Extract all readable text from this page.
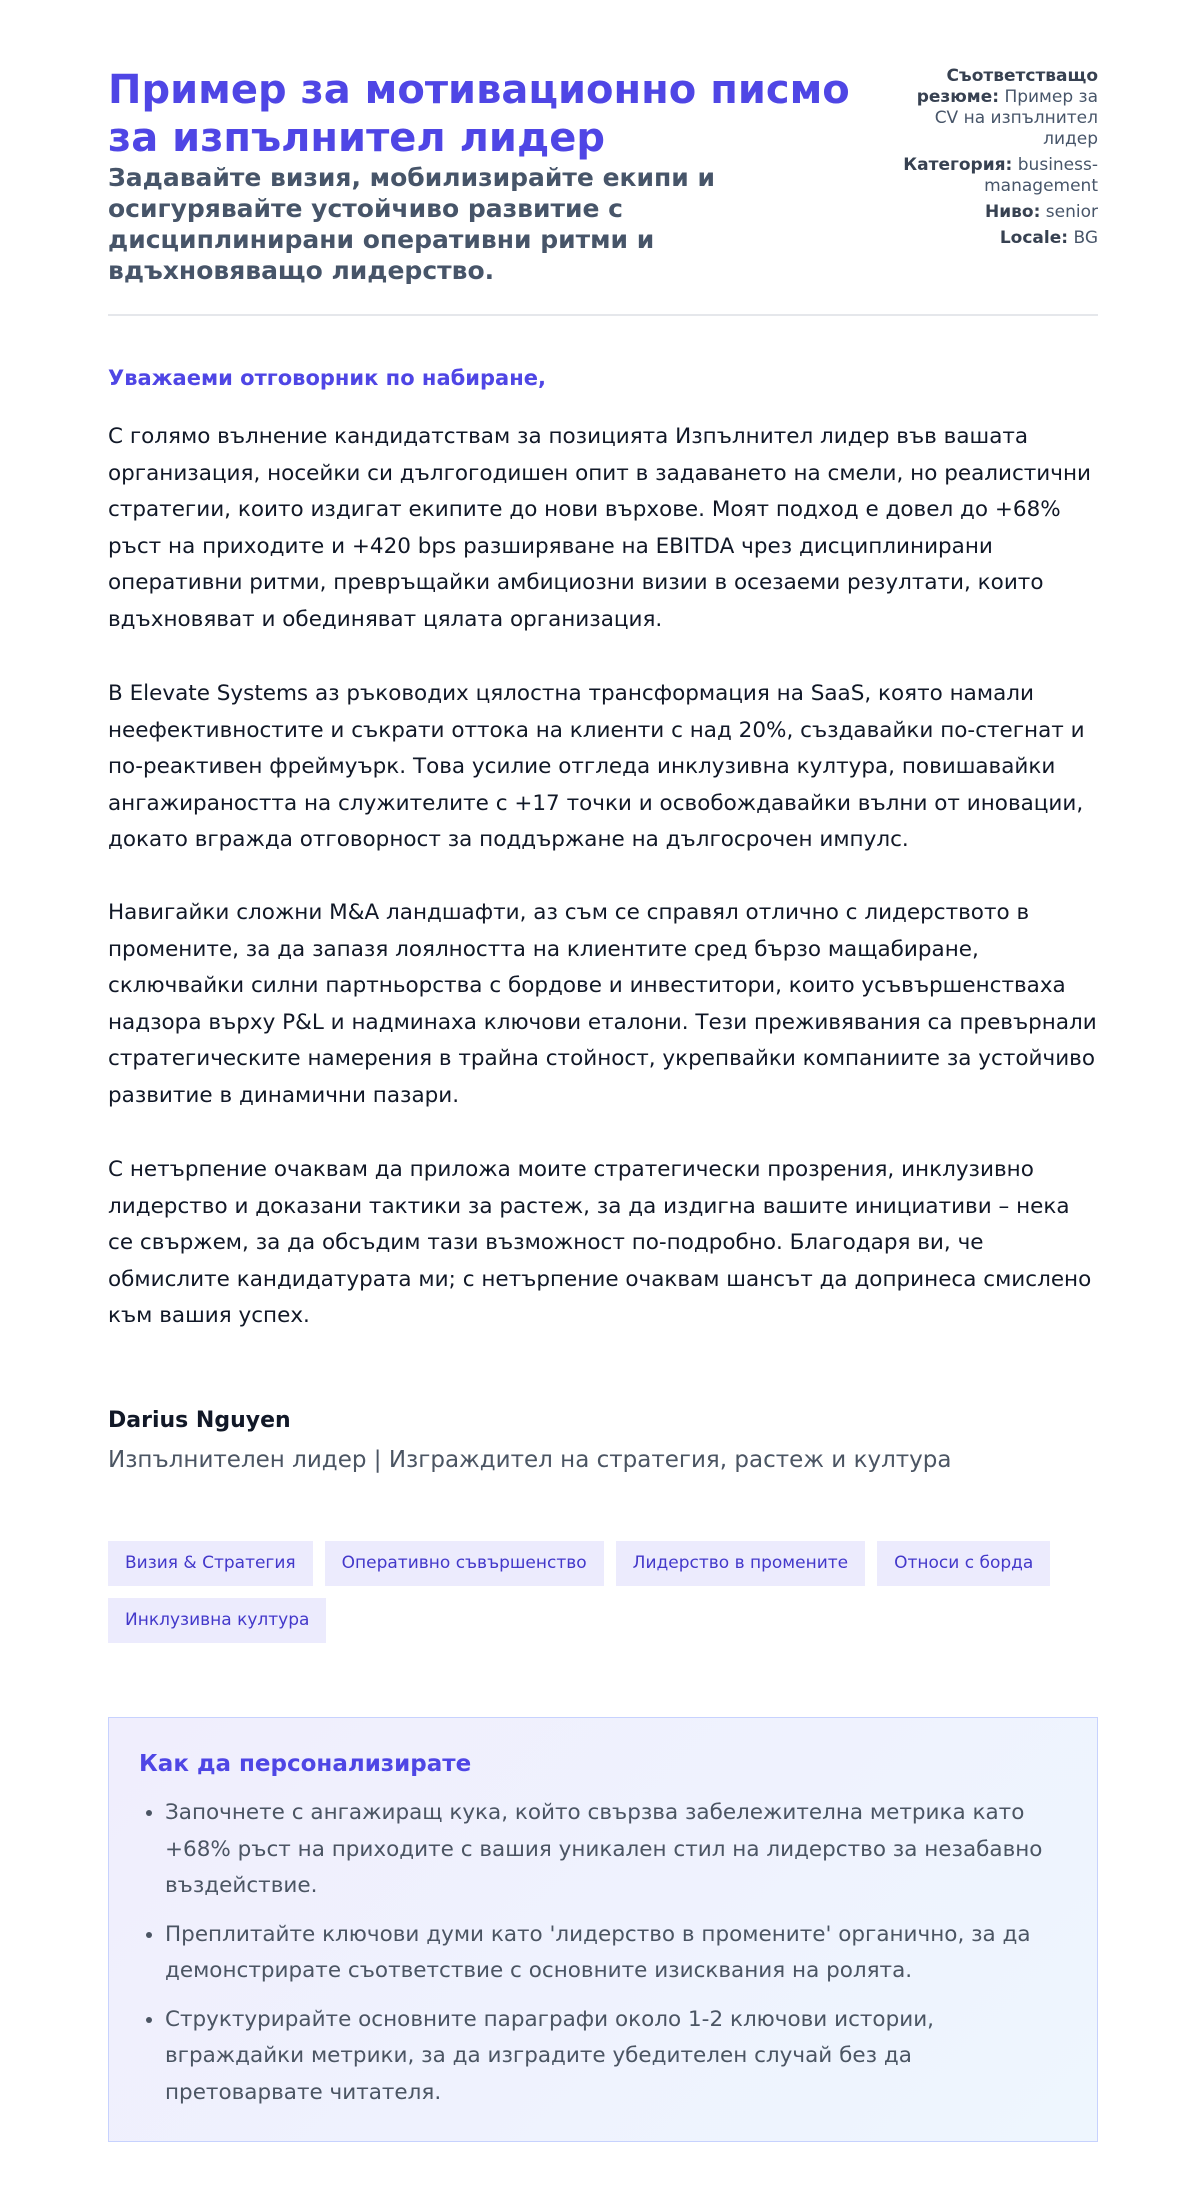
Пример за мотивационно писмо за изпълнител лидер
Задавайте визия, мобилизирайте екипи и осигурявайте устойчиво развитие с дисциплинирани оперативни ритми и вдъхновяващо лидерство.
Съответстващо резюме: Пример за CV на изпълнител лидер
Категория: business-management
Ниво: senior
Locale: BG
Уважаеми отговорник по набиране,

С голямо вълнение кандидатствам за позицията Изпълнител лидер във вашата организация, носейки си дългогодишен опит в задаването на смели, но реалистични стратегии, които издигат екипите до нови върхове. Моят подход е довел до +68% ръст на приходите и +420 bps разширяване на EBITDA чрез дисциплинирани оперативни ритми, превръщайки амбициозни визии в осезаеми резултати, които вдъхновяват и обединяват цялата организация.

В Elevate Systems аз ръководих цялостна трансформация на SaaS, която намали неефективностите и съкрати оттока на клиенти с над 20%, създавайки по-стегнат и по-реактивен фреймуърк. Това усилие отгледа инклузивна култура, повишавайки ангажираността на служителите с +17 точки и освобождавайки вълни от иновации, докато вгражда отговорност за поддържане на дългосрочен импулс.

Навигайки сложни M&A ландшафти, аз съм се справял отлично с лидерството в промените, за да запазя лоялността на клиентите сред бързо мащабиране, сключвайки силни партньорства с бордове и инвеститори, които усъвършенстваха надзора върху P&L и надминаха ключови еталони. Тези преживявания са превърнали стратегическите намерения в трайна стойност, укрепвайки компаниите за устойчиво развитие в динамични пазари.

С нетърпение очаквам да приложа моите стратегически прозрения, инклузивно лидерство и доказани тактики за растеж, за да издигна вашите инициативи – нека се свържем, за да обсъдим тази възможност по-подробно. Благодаря ви, че обмислите кандидатурата ми; с нетърпение очаквам шансът да допринеса смислено към вашия успех.

Darius Nguyen
Изпълнителен лидер | Изграждител на стратегия, растеж и култура
Визия & Стратегия	Оперативно съвършенство	Лидерство в промените	Относи с борда
Инклузивна култура
Как да персонализирате
• Започнете с ангажиращ кука, който свързва забележителна метрика като +68% ръст на приходите с вашия уникален стил на лидерство за незабавно въздействие.
• Преплитайте ключови думи като 'лидерство в промените' органично, за да демонстрирате съответствие с основните изисквания на ролята.
• Структурирайте основните параграфи около 1-2 ключови истории, вграждайки метрики, за да изградите убедителен случай без да претоварвате читателя.
